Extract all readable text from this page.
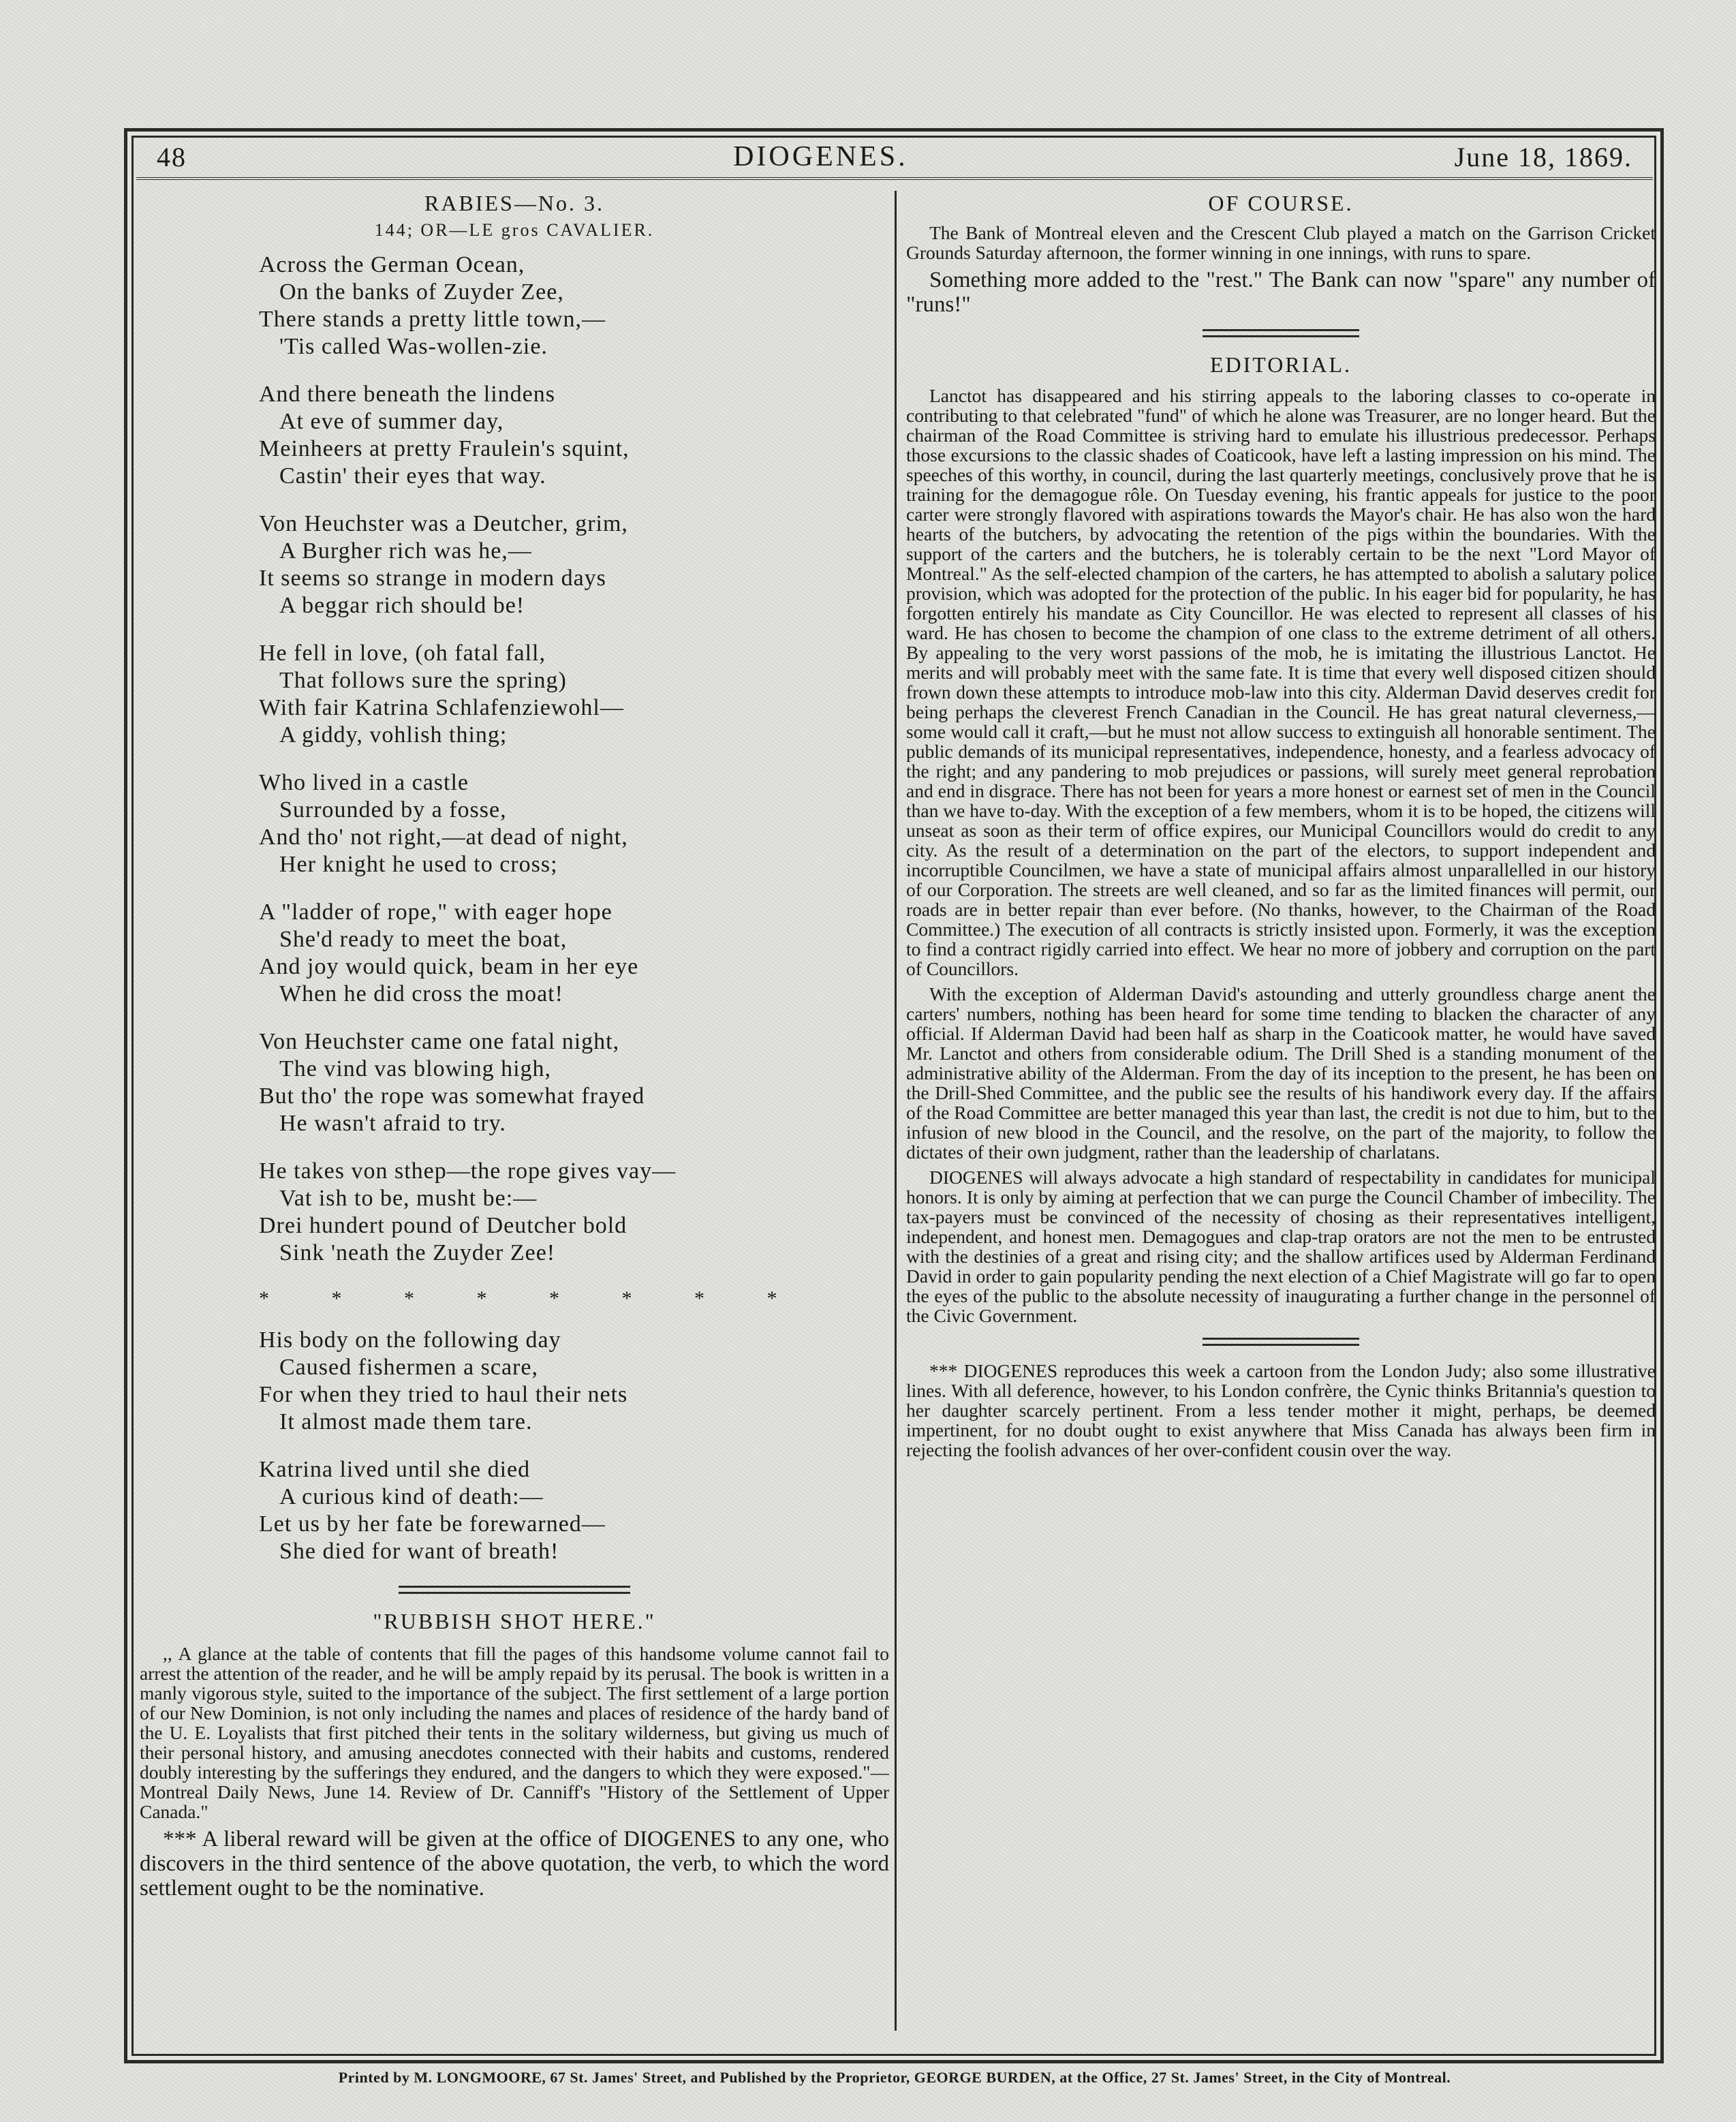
48	DIOGENES.	June 18, 1869.
RABIES—No. 3.
144; OR—LE gros CAVALIER.
Across the German Ocean,
On the banks of Zuyder Zee,
There stands a pretty little town,—
'Tis called Was-wollen-zie.
And there beneath the lindens
At eve of summer day,
Meinheers at pretty Fraulein's squint,
Castin' their eyes that way.
Von Heuchster was a Deutcher, grim,
A Burgher rich was he,—
It seems so strange in modern days
A beggar rich should be!
He fell in love, (oh fatal fall,
That follows sure the spring)
With fair Katrina Schlafenziewohl—
A giddy, vohlish thing;
Who lived in a castle
Surrounded by a fosse,
And tho' not right,—at dead of night,
Her knight he used to cross;
A "ladder of rope," with eager hope
She'd ready to meet the boat,
And joy would quick, beam in her eye
When he did cross the moat!
Von Heuchster came one fatal night,
The vind vas blowing high,
But tho' the rope was somewhat frayed
He wasn't afraid to try.
He takes von sthep—the rope gives vay—
Vat ish to be, musht be:—
Drei hundert pound of Deutcher bold
Sink 'neath the Zuyder Zee!
* * * * * * * *
His body on the following day
Caused fishermen a scare,
For when they tried to haul their nets
It almost made them tare.
Katrina lived until she died
A curious kind of death:—
Let us by her fate be forewarned—
She died for want of breath!
"RUBBISH SHOT HERE."

,, A glance at the table of contents that fill the pages of this handsome volume cannot fail to arrest the attention of the reader, and he will be amply repaid by its perusal. The book is written in a manly vigorous style, suited to the importance of the subject. The first settlement of a large portion of our New Dominion, is not only including the names and places of residence of the hardy band of the U. E. Loyalists that first pitched their tents in the solitary wilderness, but giving us much of their personal history, and amusing anecdotes connected with their habits and customs, rendered doubly interesting by the sufferings they endured, and the dangers to which they were exposed."—Montreal Daily News, June 14. Review of Dr. Canniff's "History of the Settlement of Upper Canada."

*** A liberal reward will be given at the office of DIOGENES to any one, who discovers in the third sentence of the above quotation, the verb, to which the word settlement ought to be the nominative.

OF COURSE.

The Bank of Montreal eleven and the Crescent Club played a match on the Garrison Cricket Grounds Saturday afternoon, the former winning in one innings, with runs to spare.

Something more added to the "rest." The Bank can now "spare" any number of "runs!"

EDITORIAL.

Lanctot has disappeared and his stirring appeals to the laboring classes to co-operate in contributing to that celebrated "fund" of which he alone was Treasurer, are no longer heard. But the chairman of the Road Committee is striving hard to emulate his illustrious predecessor. Perhaps those excursions to the classic shades of Coaticook, have left a lasting impression on his mind. The speeches of this worthy, in council, during the last quarterly meetings, conclusively prove that he is training for the demagogue rôle. On Tuesday evening, his frantic appeals for justice to the poor carter were strongly flavored with aspirations towards the Mayor's chair. He has also won the hard hearts of the butchers, by advocating the retention of the pigs within the boundaries. With the support of the carters and the butchers, he is tolerably certain to be the next "Lord Mayor of Montreal." As the self-elected champion of the carters, he has attempted to abolish a salutary police provision, which was adopted for the protection of the public. In his eager bid for popularity, he has forgotten entirely his mandate as City Councillor. He was elected to represent all classes of his ward. He has chosen to become the champion of one class to the extreme detriment of all others. By appealing to the very worst passions of the mob, he is imitating the illustrious Lanctot. He merits and will probably meet with the same fate. It is time that every well disposed citizen should frown down these attempts to introduce mob-law into this city. Alderman David deserves credit for being perhaps the cleverest French Canadian in the Council. He has great natural cleverness,—some would call it craft,—but he must not allow success to extinguish all honorable sentiment. The public demands of its municipal representatives, independence, honesty, and a fearless advocacy of the right; and any pandering to mob prejudices or passions, will surely meet general reprobation and end in disgrace. There has not been for years a more honest or earnest set of men in the Council than we have to-day. With the exception of a few members, whom it is to be hoped, the citizens will unseat as soon as their term of office expires, our Municipal Councillors would do credit to any city. As the result of a determination on the part of the electors, to support independent and incorruptible Councilmen, we have a state of municipal affairs almost unparallelled in our history of our Corporation. The streets are well cleaned, and so far as the limited finances will permit, our roads are in better repair than ever before. (No thanks, however, to the Chairman of the Road Committee.) The execution of all contracts is strictly insisted upon. Formerly, it was the exception to find a contract rigidly carried into effect. We hear no more of jobbery and corruption on the part of Councillors.

With the exception of Alderman David's astounding and utterly groundless charge anent the carters' numbers, nothing has been heard for some time tending to blacken the character of any official. If Alderman David had been half as sharp in the Coaticook matter, he would have saved Mr. Lanctot and others from considerable odium. The Drill Shed is a standing monument of the administrative ability of the Alderman. From the day of its inception to the present, he has been on the Drill-Shed Committee, and the public see the results of his handiwork every day. If the affairs of the Road Committee are better managed this year than last, the credit is not due to him, but to the infusion of new blood in the Council, and the resolve, on the part of the majority, to follow the dictates of their own judgment, rather than the leadership of charlatans.

DIOGENES will always advocate a high standard of respectability in candidates for municipal honors. It is only by aiming at perfection that we can purge the Council Chamber of imbecility. The tax-payers must be convinced of the necessity of chosing as their representatives intelligent, independent, and honest men. Demagogues and clap-trap orators are not the men to be entrusted with the destinies of a great and rising city; and the shallow artifices used by Alderman Ferdinand David in order to gain popularity pending the next election of a Chief Magistrate will go far to open the eyes of the public to the absolute necessity of inaugurating a further change in the personnel of the Civic Government.

*** DIOGENES reproduces this week a cartoon from the London Judy; also some illustrative lines. With all deference, however, to his London confrère, the Cynic thinks Britannia's question to her daughter scarcely pertinent. From a less tender mother it might, perhaps, be deemed impertinent, for no doubt ought to exist anywhere that Miss Canada has always been firm in rejecting the foolish advances of her over-confident cousin over the way.

Printed by M. LONGMOORE, 67 St. James' Street, and Published by the Proprietor, GEORGE BURDEN, at the Office, 27 St. James' Street, in the City of Montreal.
